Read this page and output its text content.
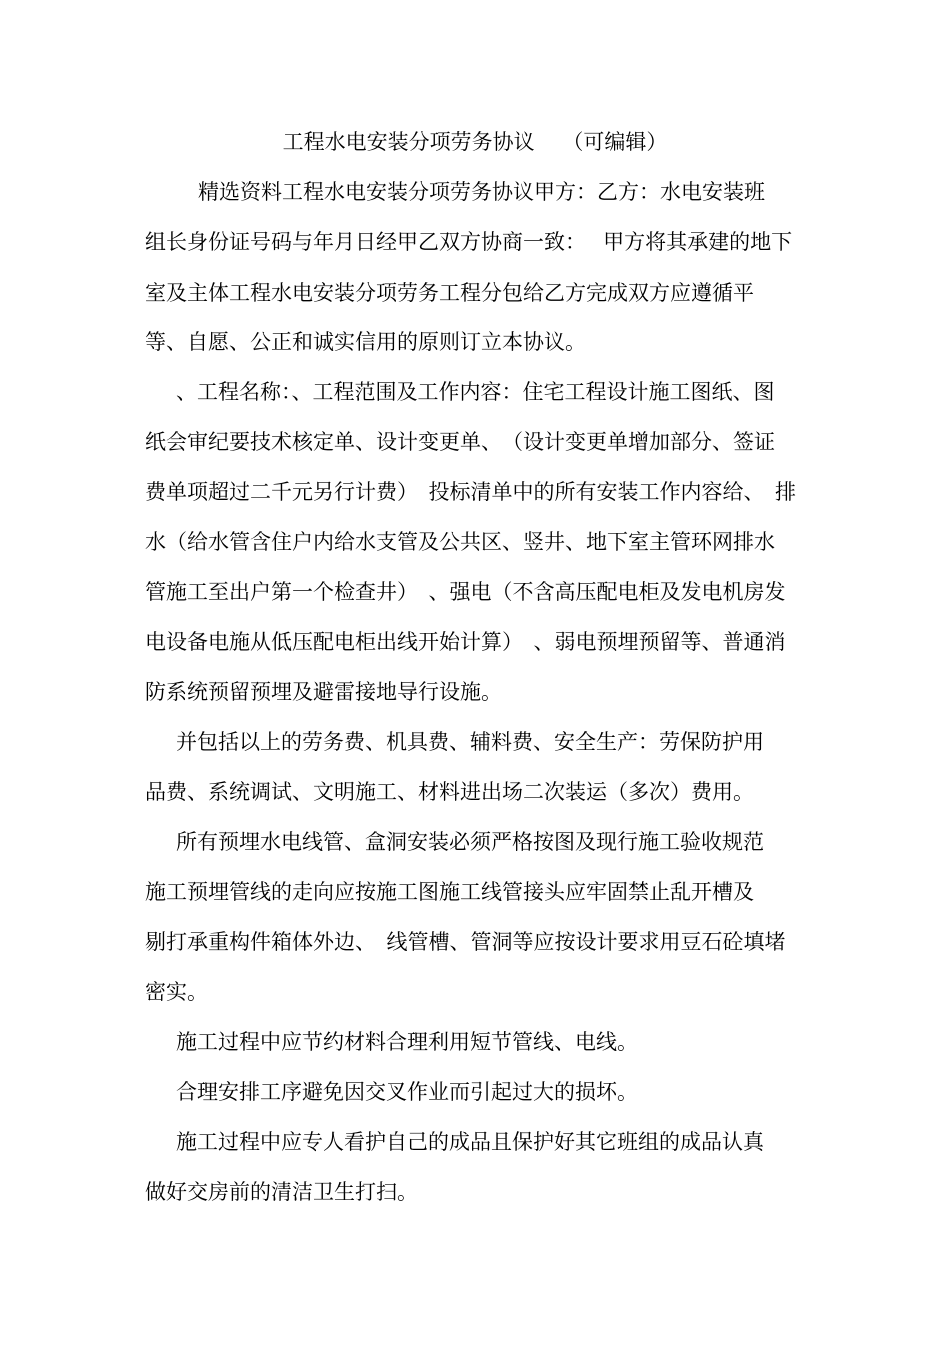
工程水电安装分项劳务协议　 （可编辑）
精选资料工程水电安装分项劳务协议甲方：乙方：水电安装班
组长身份证号码与年月日经甲乙双方协商一致：　 甲方将其承建的地下
室及主体工程水电安装分项劳务工程分包给乙方完成双方应遵循平
等、自愿、公正和诚实信用的原则订立本协议。
、工程名称：、工程范围及工作内容：住宅工程设计施工图纸、图
纸会审纪要技术核定单、设计变更单、　（设计变更单增加部分、签证
费单项超过二千元另行计费）　投标清单中的所有安装工作内容给、　排
水（给水管含住户内给水支管及公共区、竖井、地下室主管环网排水
管施工至出户第一个检查井）　、强电（不含高压配电柜及发电机房发
电设备电施从低压配电柜出线开始计算）　、弱电预埋预留等、普通消
防系统预留预埋及避雷接地导行设施。
并包括以上的劳务费、机具费、辅料费、安全生产：劳保防护用
品费、系统调试、文明施工、材料进出场二次装运（多次）费用。
所有预埋水电线管、盒洞安装必须严格按图及现行施工验收规范
施工预埋管线的走向应按施工图施工线管接头应牢固禁止乱开槽及
剔打承重构件箱体外边、　线管槽、管洞等应按设计要求用豆石砼填堵
密实。
施工过程中应节约材料合理利用短节管线、电线。
合理安排工序避免因交叉作业而引起过大的损坏。
施工过程中应专人看护自己的成品且保护好其它班组的成品认真
做好交房前的清洁卫生打扫。
